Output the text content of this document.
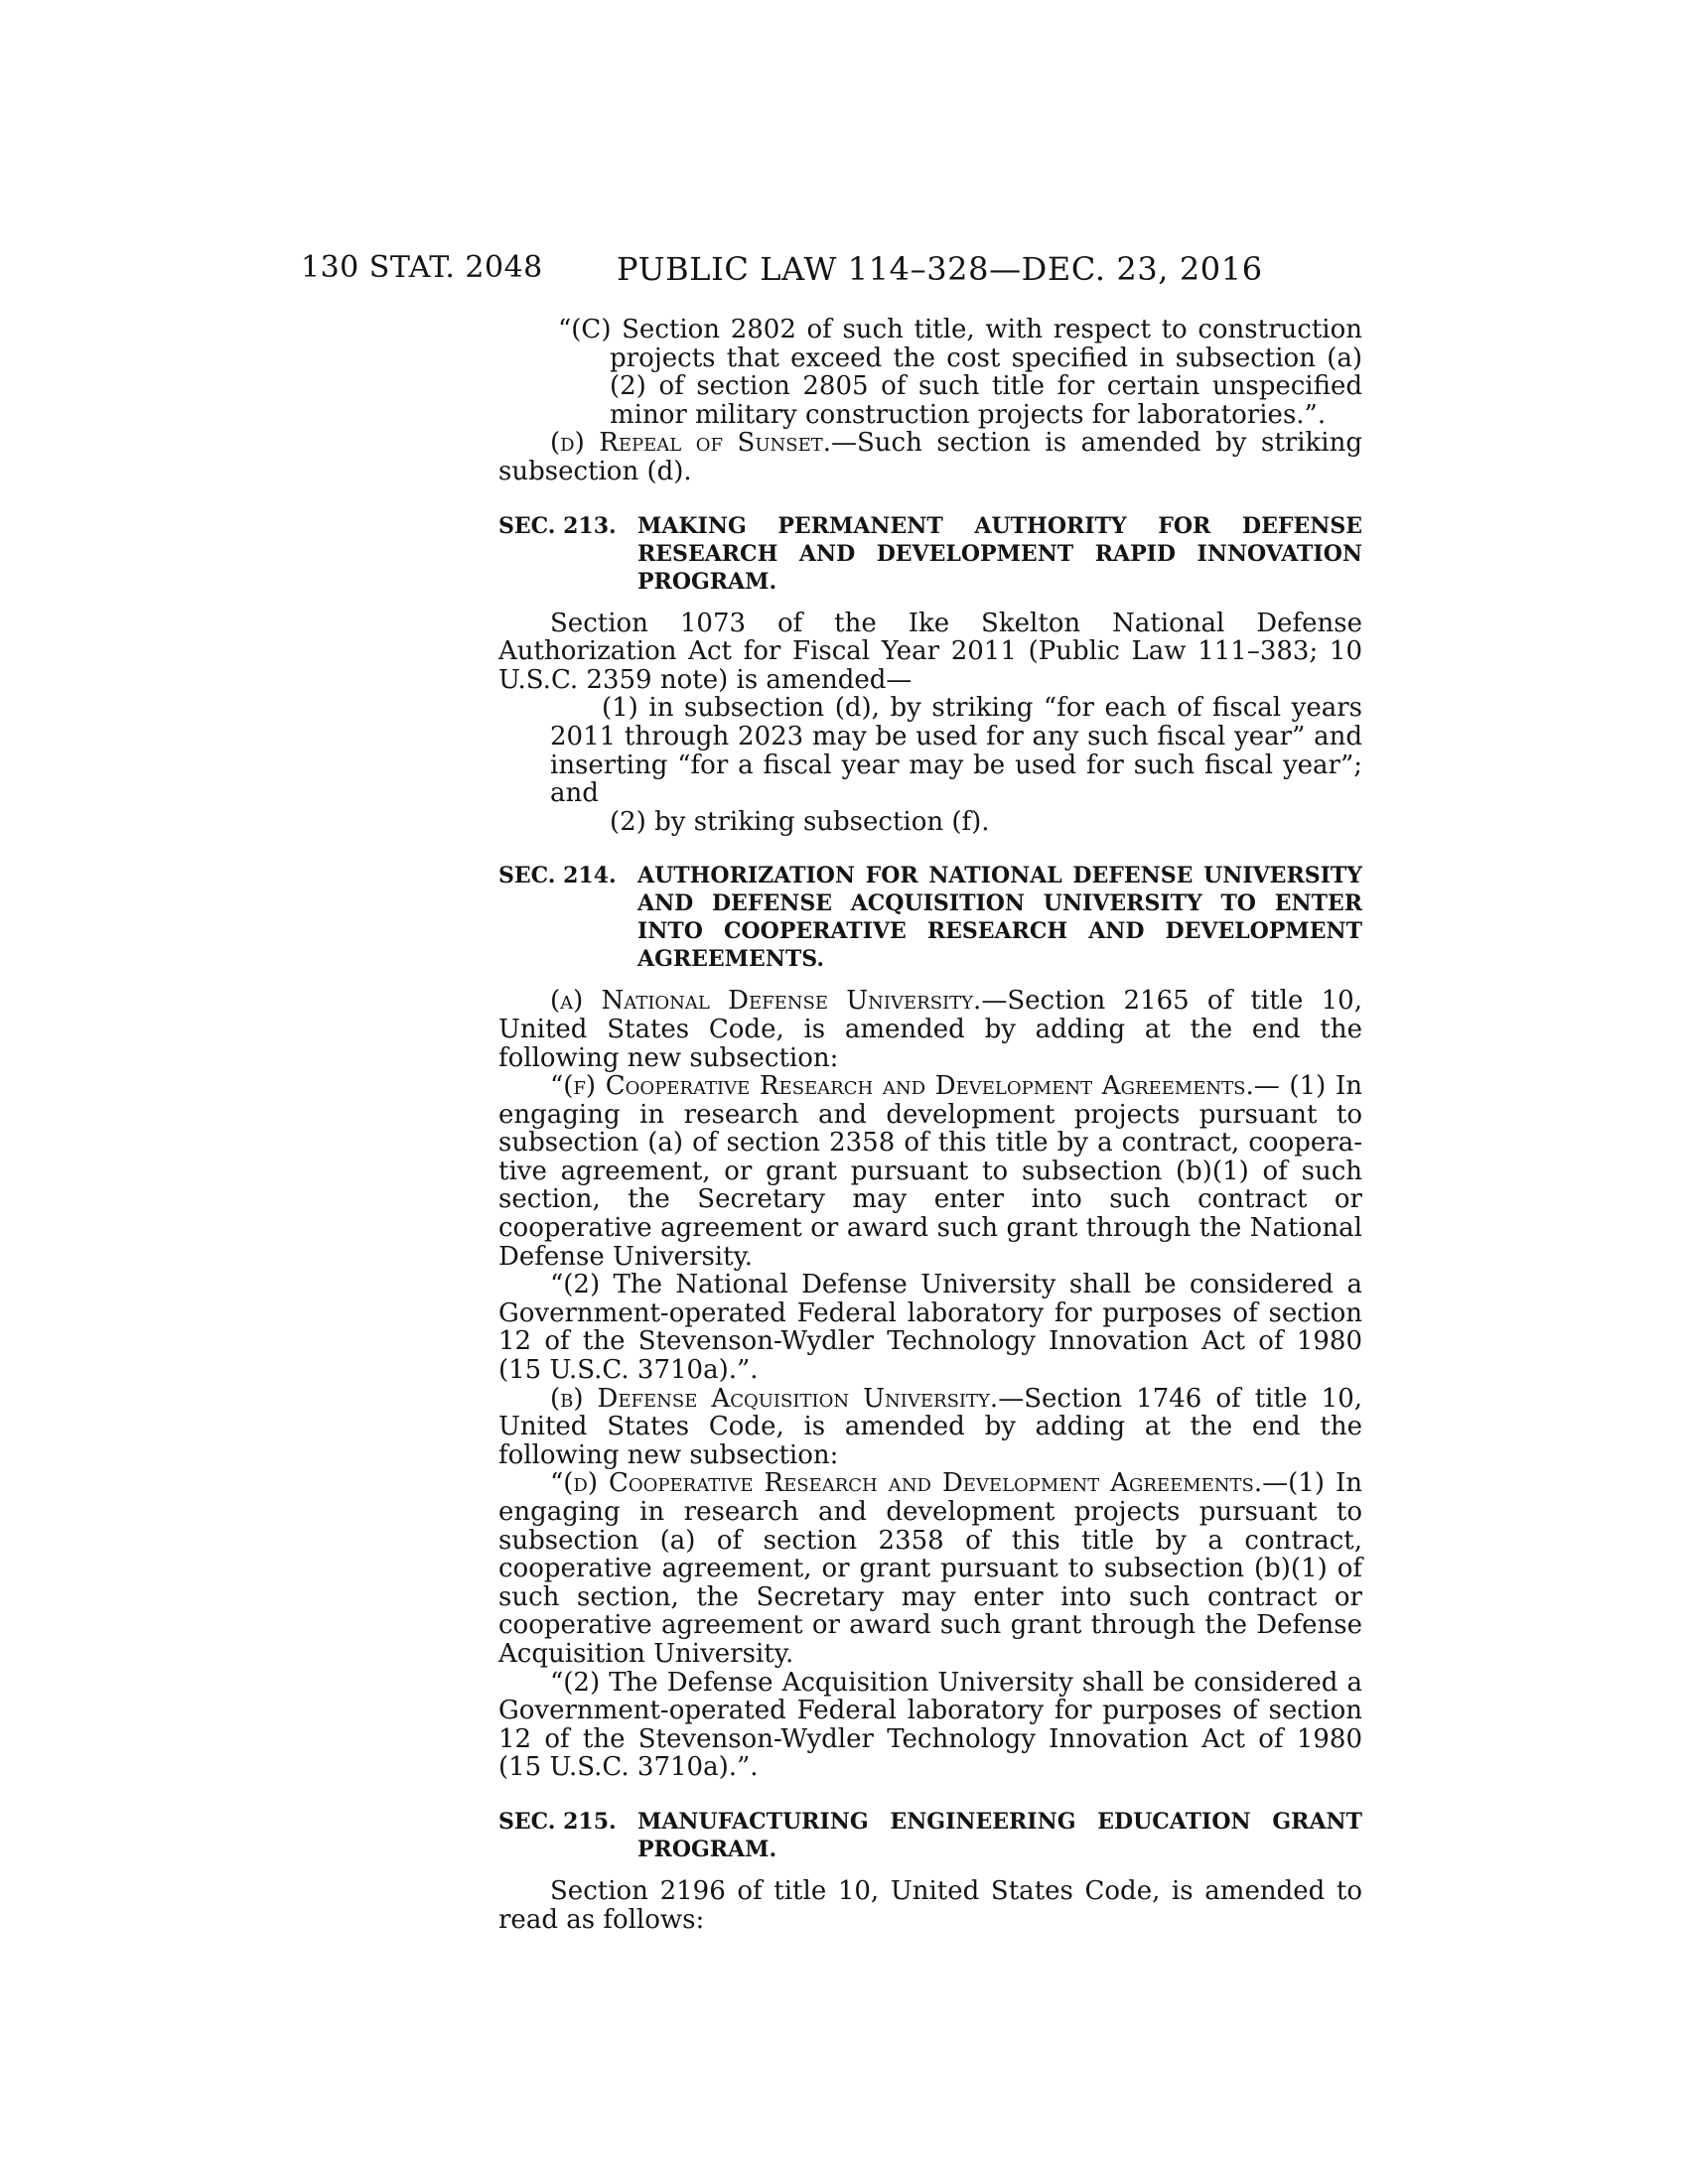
130 STAT. 2048 PUBLIC LAW 114–328—DEC. 23, 2016

“(C) Section 2802 of such title, with respect to construction projects that exceed the cost specified in subsection (a)(2) of section 2805 of such title for certain unspecified minor military construction projects for laboratories.”.

(d) Repeal of Sunset.—Such section is amended by striking subsection (d).

SEC. 213. MAKING PERMANENT AUTHORITY FOR DEFENSE RESEARCH AND DEVELOPMENT RAPID INNOVATION PROGRAM.

Section 1073 of the Ike Skelton National Defense Authorization Act for Fiscal Year 2011 (Public Law 111–383; 10 U.S.C. 2359 note) is amended—

(1) in subsection (d), by striking “for each of fiscal years 2011 through 2023 may be used for any such fiscal year” and inserting “for a fiscal year may be used for such fiscal year”; and

(2) by striking subsection (f).

SEC. 214. AUTHORIZATION FOR NATIONAL DEFENSE UNIVERSITY AND DEFENSE ACQUISITION UNIVERSITY TO ENTER INTO COOPERATIVE RESEARCH AND DEVELOPMENT AGREEMENTS.

(a) National Defense University.—Section 2165 of title 10, United States Code, is amended by adding at the end the following new subsection:

“(f) Cooperative Research and Development Agreements.— (1) In engaging in research and development projects pursuant to subsection (a) of section 2358 of this title by a contract, cooperative agreement, or grant pursuant to subsection (b)(1) of such section, the Secretary may enter into such contract or cooperative agreement or award such grant through the National Defense University.

“(2) The National Defense University shall be considered a Government-operated Federal laboratory for purposes of section 12 of the Stevenson-Wydler Technology Innovation Act of 1980 (15 U.S.C. 3710a).”.

(b) Defense Acquisition University.—Section 1746 of title 10, United States Code, is amended by adding at the end the following new subsection:

“(d) Cooperative Research and Development Agreements.—(1) In engaging in research and development projects pursuant to subsection (a) of section 2358 of this title by a contract, cooperative agreement, or grant pursuant to subsection (b)(1) of such section, the Secretary may enter into such contract or cooperative agreement or award such grant through the Defense Acquisition University.

“(2) The Defense Acquisition University shall be considered a Government-operated Federal laboratory for purposes of section 12 of the Stevenson-Wydler Technology Innovation Act of 1980 (15 U.S.C. 3710a).”.

SEC. 215. MANUFACTURING ENGINEERING EDUCATION GRANT PROGRAM.

Section 2196 of title 10, United States Code, is amended to read as follows:
